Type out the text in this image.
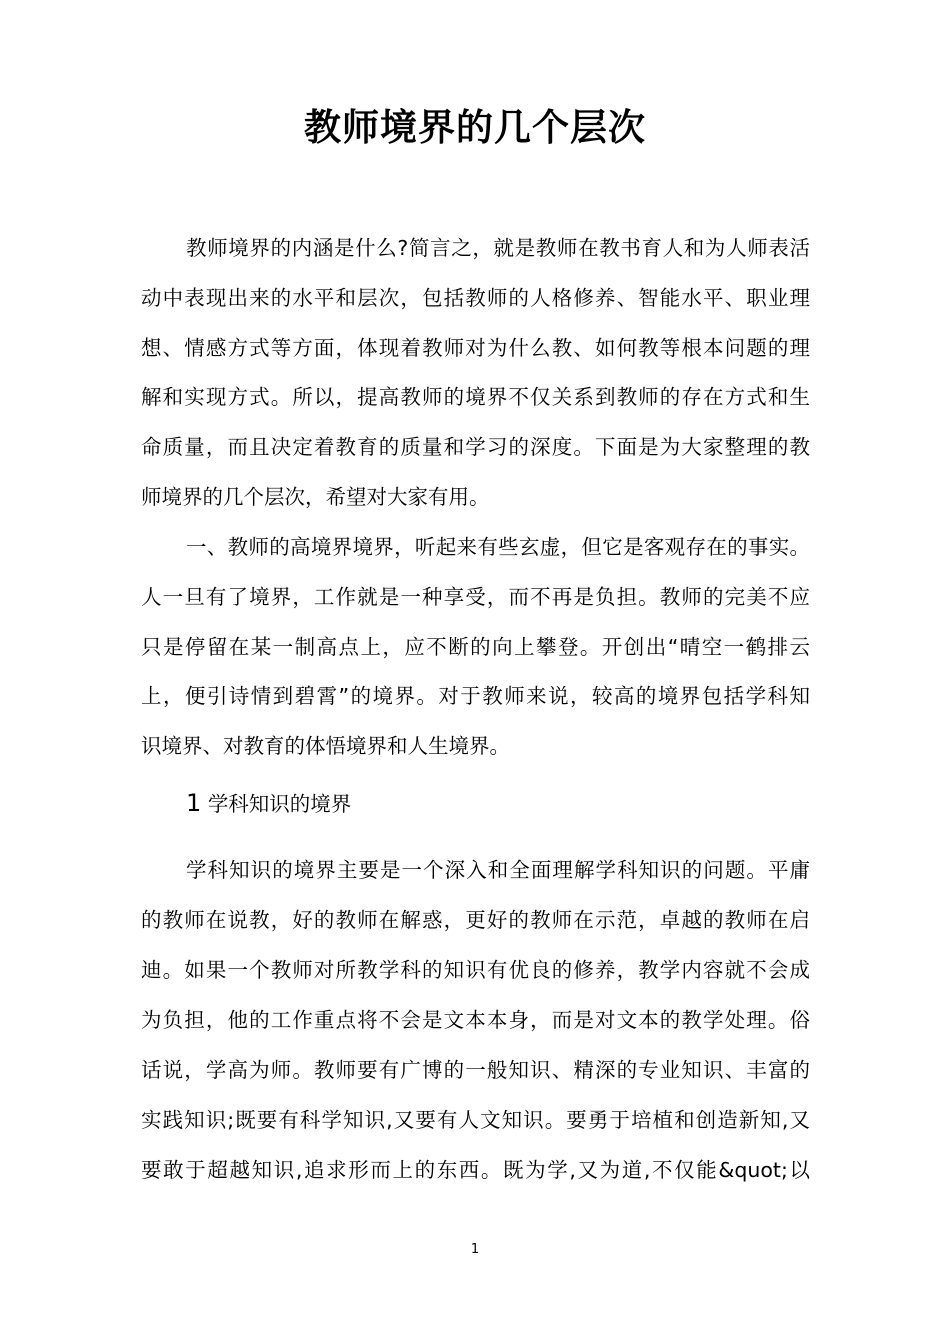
教师境界的几个层次
教师境界的内涵是什么?简言之，就是教师在教书育人和为人师表活
动中表现出来的水平和层次，包括教师的人格修养、智能水平、职业理
想、情感方式等方面，体现着教师对为什么教、如何教等根本问题的理
解和实现方式。所以，提高教师的境界不仅关系到教师的存在方式和生
命质量，而且决定着教育的质量和学习的深度。下面是为大家整理的教
师境界的几个层次，希望对大家有用。
一、教师的高境界境界，听起来有些玄虚，但它是客观存在的事实。
人一旦有了境界，工作就是一种享受，而不再是负担。教师的完美不应
只是停留在某一制高点上，应不断的向上攀登。开创出“晴空一鹤排云
上，便引诗情到碧霄”的境界。对于教师来说，较高的境界包括学科知
识境界、对教育的体悟境界和人生境界。
1 学科知识的境界
学科知识的境界主要是一个深入和全面理解学科知识的问题。平庸
的教师在说教，好的教师在解惑，更好的教师在示范，卓越的教师在启
迪。如果一个教师对所教学科的知识有优良的修养，教学内容就不会成
为负担，他的工作重点将不会是文本本身，而是对文本的教学处理。俗
话说，学高为师。教师要有广博的一般知识、精深的专业知识、丰富的
实践知识;既要有科学知识,又要有人文知识。要勇于培植和创造新知,又
要敢于超越知识,追求形而上的东西。既为学,又为道,不仅能&quot;以
1
